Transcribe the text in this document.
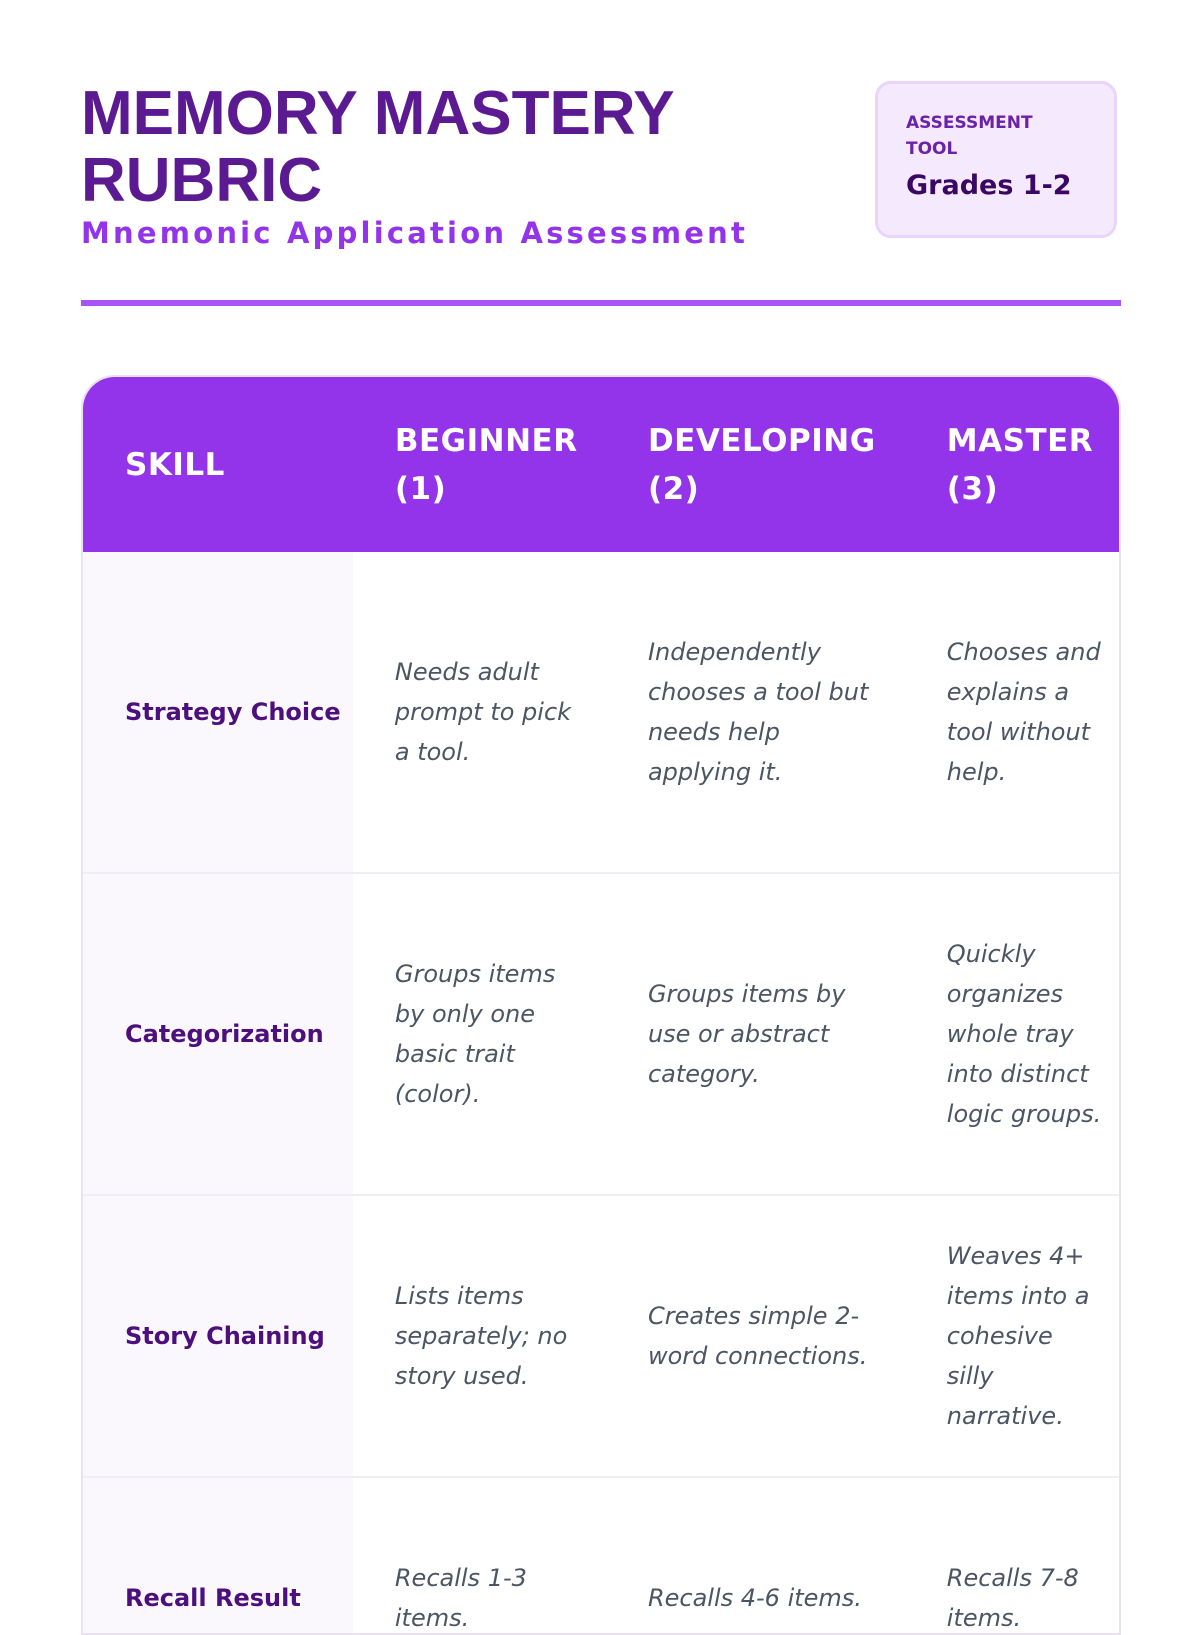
MEMORY MASTERY RUBRIC
Mnemonic Application Assessment
ASSESSMENT TOOL
Grades 1-2
SKILL
BEGINNER (1)
DEVELOPING (2)
MASTER (3)
Strategy Choice
Needs adult prompt to pick a tool.
Independently chooses a tool but needs help applying it.
Chooses and explains a tool without help.
Categorization
Groups items by only one basic trait (color).
Groups items by use or abstract category.
Quickly organizes whole tray into distinct logic groups.
Story Chaining
Lists items separately; no story used.
Creates simple 2-word connections.
Weaves 4+ items into a cohesive silly narrative.
Recall Result
Recalls 1-3 items.
Recalls 4-6 items.
Recalls 7-8 items.
